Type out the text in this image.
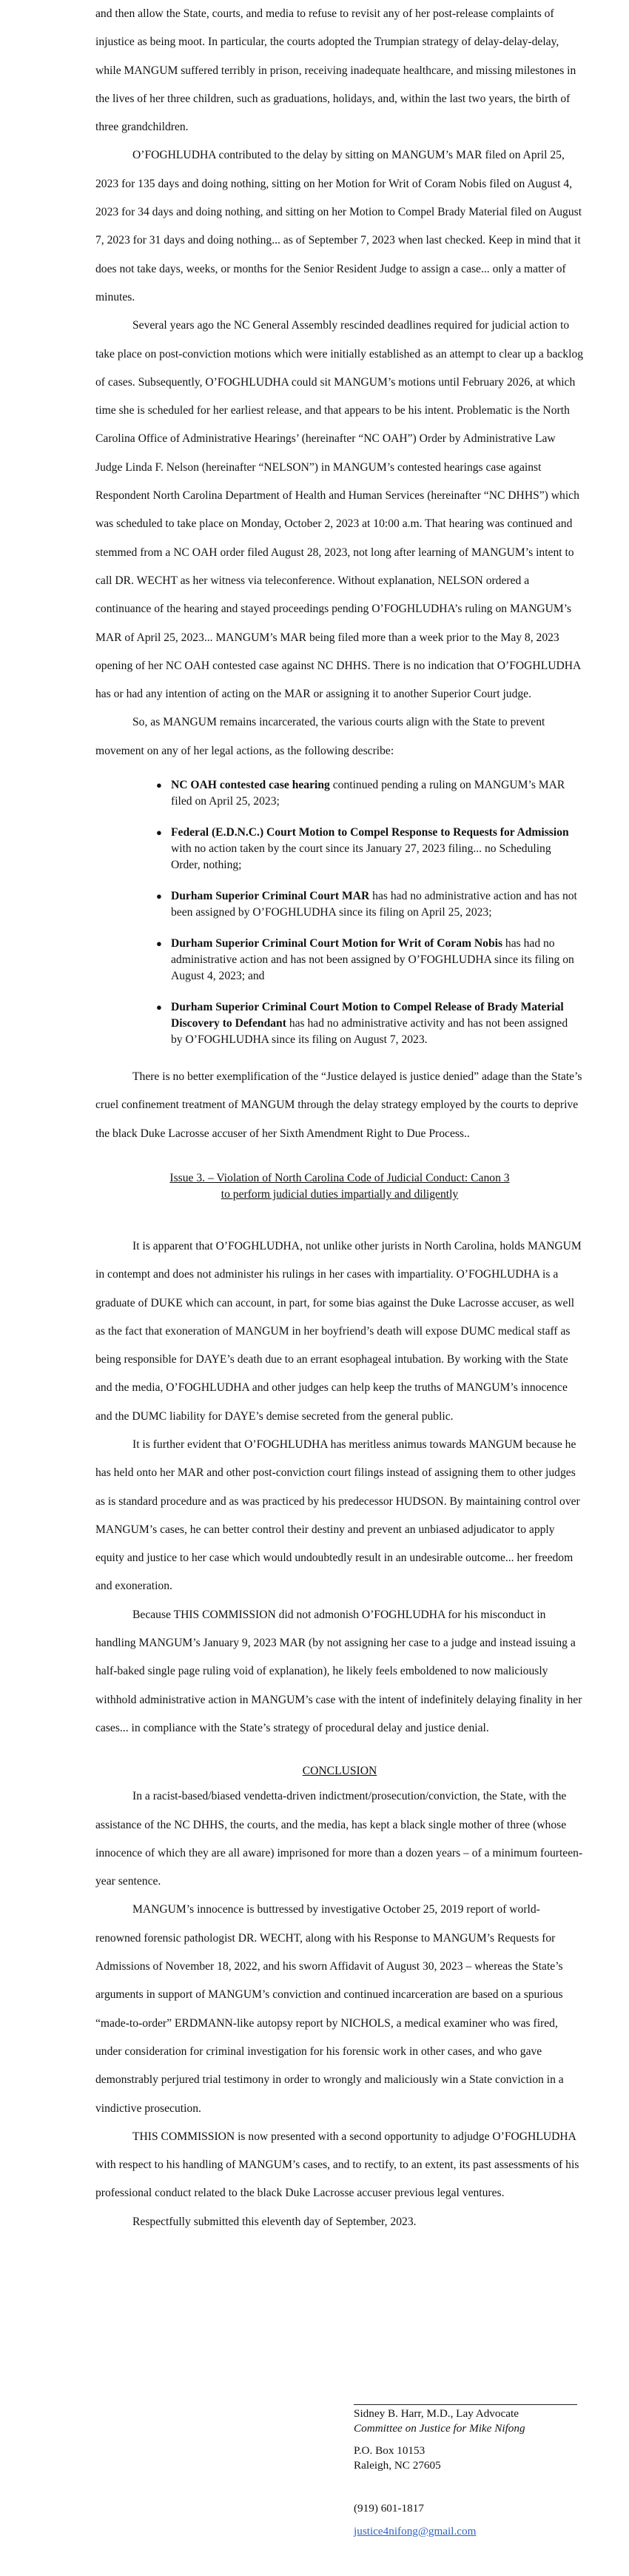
and then allow the State, courts, and media to refuse to revisit any of her post-release complaints of injustice as being moot. In particular, the courts adopted the Trumpian strategy of delay-delay-delay, while MANGUM suffered terribly in prison, receiving inadequate healthcare, and missing milestones in the lives of her three children, such as graduations, holidays, and, within the last two years, the birth of three grandchildren.

O’FOGHLUDHA contributed to the delay by sitting on MANGUM’s MAR filed on April 25, 2023 for 135 days and doing nothing, sitting on her Motion for Writ of Coram Nobis filed on August 4, 2023 for 34 days and doing nothing, and sitting on her Motion to Compel Brady Material filed on August 7, 2023 for 31 days and doing nothing... as of September 7, 2023 when last checked. Keep in mind that it does not take days, weeks, or months for the Senior Resident Judge to assign a case... only a matter of minutes.

Several years ago the NC General Assembly rescinded deadlines required for judicial action to take place on post-conviction motions which were initially established as an attempt to clear up a backlog of cases. Subsequently, O’FOGHLUDHA could sit MANGUM’s motions until February 2026, at which time she is scheduled for her earliest release, and that appears to be his intent. Problematic is the North Carolina Office of Administrative Hearings’ (hereinafter “NC OAH”) Order by Administrative Law Judge Linda F. Nelson (hereinafter “NELSON”) in MANGUM’s contested hearings case against Respondent North Carolina Department of Health and Human Services (hereinafter “NC DHHS”) which was scheduled to take place on Monday, October 2, 2023 at 10:00 a.m. That hearing was continued and stemmed from a NC OAH order filed August 28, 2023, not long after learning of MANGUM’s intent to call DR. WECHT as her witness via teleconference. Without explanation, NELSON ordered a continuance of the hearing and stayed proceedings pending O’FOGHLUDHA’s ruling on MANGUM’s MAR of April 25, 2023... MANGUM’s MAR being filed more than a week prior to the May 8, 2023 opening of her NC OAH contested case against NC DHHS. There is no indication that O’FOGHLUDHA has or had any intention of acting on the MAR or assigning it to another Superior Court judge.

So, as MANGUM remains incarcerated, the various courts align with the State to prevent movement on any of her legal actions, as the following describe:

● NC OAH contested case hearing continued pending a ruling on MANGUM’s MAR filed on April 25, 2023;
● Federal (E.D.N.C.) Court Motion to Compel Response to Requests for Admission with no action taken by the court since its January 27, 2023 filing... no Scheduling Order, nothing;
● Durham Superior Criminal Court MAR has had no administrative action and has not been assigned by O’FOGHLUDHA since its filing on April 25, 2023;
● Durham Superior Criminal Court Motion for Writ of Coram Nobis has had no administrative action and has not been assigned by O’FOGHLUDHA since its filing on August 4, 2023; and
● Durham Superior Criminal Court Motion to Compel Release of Brady Material Discovery to Defendant has had no administrative activity and has not been assigned by O’FOGHLUDHA since its filing on August 7, 2023.

There is no better exemplification of the “Justice delayed is justice denied” adage than the State’s cruel confinement treatment of MANGUM through the delay strategy employed by the courts to deprive the black Duke Lacrosse accuser of her Sixth Amendment Right to Due Process..

Issue 3. – Violation of North Carolina Code of Judicial Conduct: Canon 3

to perform judicial duties impartially and diligently

It is apparent that O’FOGHLUDHA, not unlike other jurists in North Carolina, holds MANGUM in contempt and does not administer his rulings in her cases with impartiality. O’FOGHLUDHA is a graduate of DUKE which can account, in part, for some bias against the Duke Lacrosse accuser, as well as the fact that exoneration of MANGUM in her boyfriend’s death will expose DUMC medical staff as being responsible for DAYE’s death due to an errant esophageal intubation. By working with the State and the media, O’FOGHLUDHA and other judges can help keep the truths of MANGUM’s innocence and the DUMC liability for DAYE’s demise secreted from the general public.

It is further evident that O’FOGHLUDHA has meritless animus towards MANGUM because he has held onto her MAR and other post-conviction court filings instead of assigning them to other judges as is standard procedure and as was practiced by his predecessor HUDSON. By maintaining control over MANGUM’s cases, he can better control their destiny and prevent an unbiased adjudicator to apply equity and justice to her case which would undoubtedly result in an undesirable outcome... her freedom and exoneration.

Because THIS COMMISSION did not admonish O’FOGHLUDHA for his misconduct in handling MANGUM’s January 9, 2023 MAR (by not assigning her case to a judge and instead issuing a half-baked single page ruling void of explanation), he likely feels emboldened to now maliciously withhold administrative action in MANGUM’s case with the intent of indefinitely delaying finality in her cases... in compliance with the State’s strategy of procedural delay and justice denial.

CONCLUSION

In a racist-based/biased vendetta-driven indictment/prosecution/conviction, the State, with the assistance of the NC DHHS, the courts, and the media, has kept a black single mother of three (whose innocence of which they are all aware) imprisoned for more than a dozen years – of a minimum fourteen-year sentence.

MANGUM’s innocence is buttressed by investigative October 25, 2019 report of world-renowned forensic pathologist DR. WECHT, along with his Response to MANGUM’s Requests for Admissions of November 18, 2022, and his sworn Affidavit of August 30, 2023 – whereas the State’s arguments in support of MANGUM’s conviction and continued incarceration are based on a spurious “made-to-order” ERDMANN-like autopsy report by NICHOLS, a medical examiner who was fired, under consideration for criminal investigation for his forensic work in other cases, and who gave demonstrably perjured trial testimony in order to wrongly and maliciously win a State conviction in a vindictive prosecution.

THIS COMMISSION is now presented with a second opportunity to adjudge O’FOGHLUDHA with respect to his handling of MANGUM’s cases, and to rectify, to an extent, its past assessments of his professional conduct related to the black Duke Lacrosse accuser previous legal ventures.

Respectfully submitted this eleventh day of September, 2023.

Sidney B. Harr, M.D., Lay Advocate
Committee on Justice for Mike Nifong
P.O. Box 10153
Raleigh, NC 27605
(919) 601-1817
justice4nifong@gmail.com
